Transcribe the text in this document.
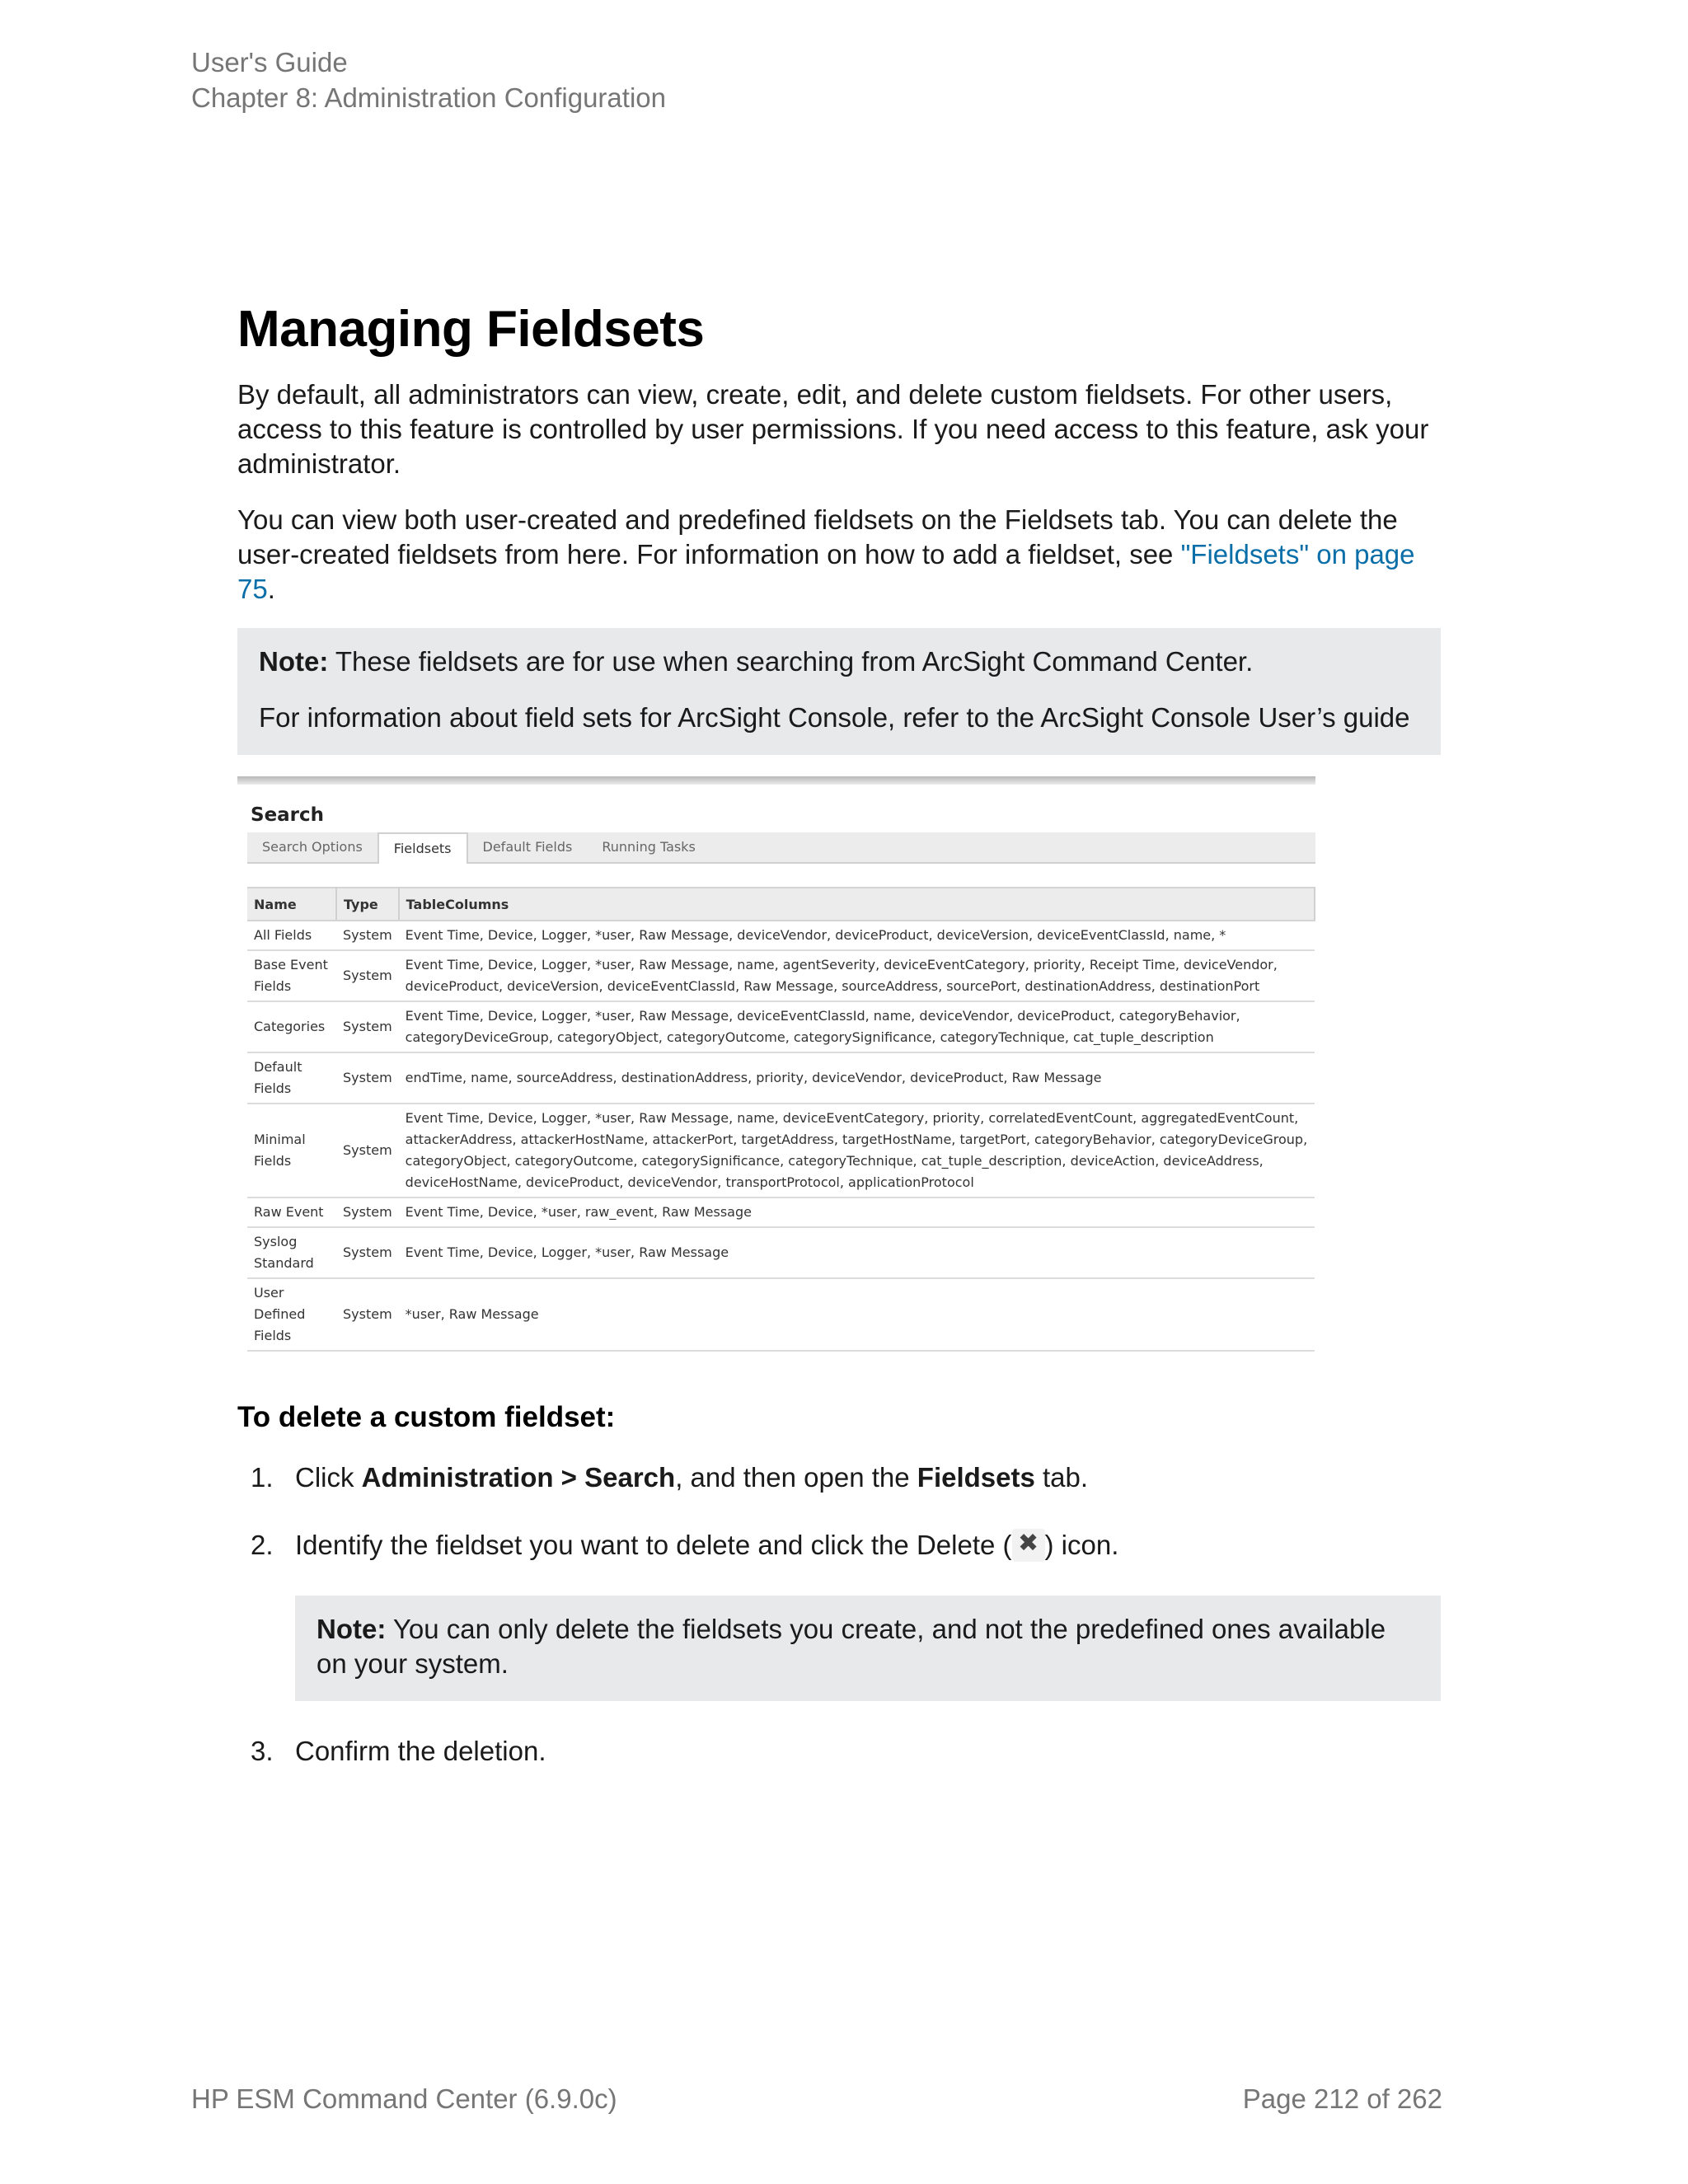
User's Guide
Chapter 8: Administration Configuration
Managing Fieldsets

By default, all administrators can view, create, edit, and delete custom fieldsets. For other users, access to this feature is controlled by user permissions. If you need access to this feature, ask your administrator.

You can view both user-created and predefined fieldsets on the Fieldsets tab. You can delete the user-created fieldsets from here. For information on how to add a fieldset, see "Fieldsets" on page 75.

Note: These fieldsets are for use when searching from ArcSight Command Center.

For information about field sets for ArcSight Console, refer to the ArcSight Console User’s guide

Search
Search Options	Fieldsets	Default Fields	Running Tasks
Name	Type	TableColumns
All Fields	System	Event Time, Device, Logger, *user, Raw Message, deviceVendor, deviceProduct, deviceVersion, deviceEventClassId, name, *
Base Event Fields	System	Event Time, Device, Logger, *user, Raw Message, name, agentSeverity, deviceEventCategory, priority, Receipt Time, deviceVendor, deviceProduct, deviceVersion, deviceEventClassId, Raw Message, sourceAddress, sourcePort, destinationAddress, destinationPort
Categories	System	Event Time, Device, Logger, *user, Raw Message, deviceEventClassId, name, deviceVendor, deviceProduct, categoryBehavior, categoryDeviceGroup, categoryObject, categoryOutcome, categorySignificance, categoryTechnique, cat_tuple_description
Default Fields	System	endTime, name, sourceAddress, destinationAddress, priority, deviceVendor, deviceProduct, Raw Message
Minimal Fields	System	Event Time, Device, Logger, *user, Raw Message, name, deviceEventCategory, priority, correlatedEventCount, aggregatedEventCount, attackerAddress, attackerHostName, attackerPort, targetAddress, targetHostName, targetPort, categoryBehavior, categoryDeviceGroup, categoryObject, categoryOutcome, categorySignificance, categoryTechnique, cat_tuple_description, deviceAction, deviceAddress, deviceHostName, deviceProduct, deviceVendor, transportProtocol, applicationProtocol
Raw Event	System	Event Time, Device, *user, raw_event, Raw Message
Syslog Standard	System	Event Time, Device, Logger, *user, Raw Message
User Defined Fields	System	*user, Raw Message
To delete a custom fieldset:
1. Click Administration > Search, and then open the Fieldsets tab.
2. Identify the fieldset you want to delete and click the Delete ( ✖ ) icon.

Note: You can only delete the fieldsets you create, and not the predefined ones available on your system.

3. Confirm the deletion.
HP ESM Command Center (6.9.0c)	Page 212 of 262
